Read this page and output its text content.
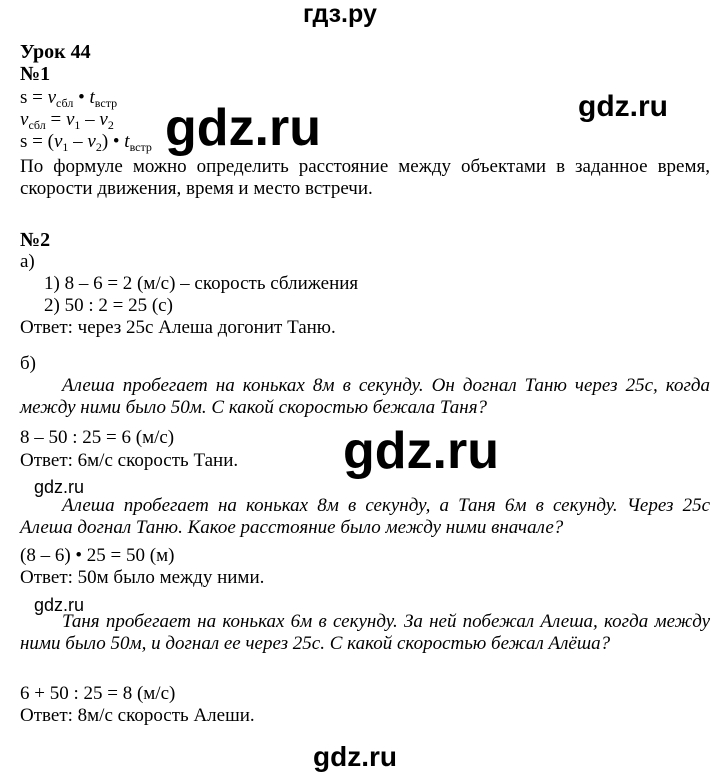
гдз.ру
gdz.ru
gdz.ru
gdz.ru
gdz.ru
gdz.ru
gdz.ru
Урок 44
№1
$s = v_{сбл}$ • $t_{встр}$
$v_{сбл} = v_1 - v_2$
$s = (v_1 - v_2)$ • $t_{встр}$
По формуле можно определить расстояние между объектами в заданное время, скорости движения, время и место встречи.
№2
а)
1) 8 – 6 = 2 (м/с) – скорость сближения
2) 50 : 2 = 25 (с)
Ответ: через 25с Алеша догонит Таню.
б)
Алеша пробегает на коньках 8м в секунду. Он догнал Таню через 25с, когда между ними было 50м. С какой скоростью бежала Таня?
8 – 50 : 25 = 6 (м/с)
Ответ: 6м/с скорость Тани.
Алеша пробегает на коньках 8м в секунду, а Таня 6м в секунду. Через 25с Алеша догнал Таню. Какое расстояние было между ними вначале?
(8 – 6) • 25 = 50 (м)
Ответ: 50м было между ними.
Таня пробегает на коньках 6м в секунду. За ней побежал Алеша, когда между ними было 50м, и догнал ее через 25с. С какой скоростью бежал Алёша?
6 + 50 : 25 = 8 (м/с)
Ответ: 8м/с скорость Алеши.
